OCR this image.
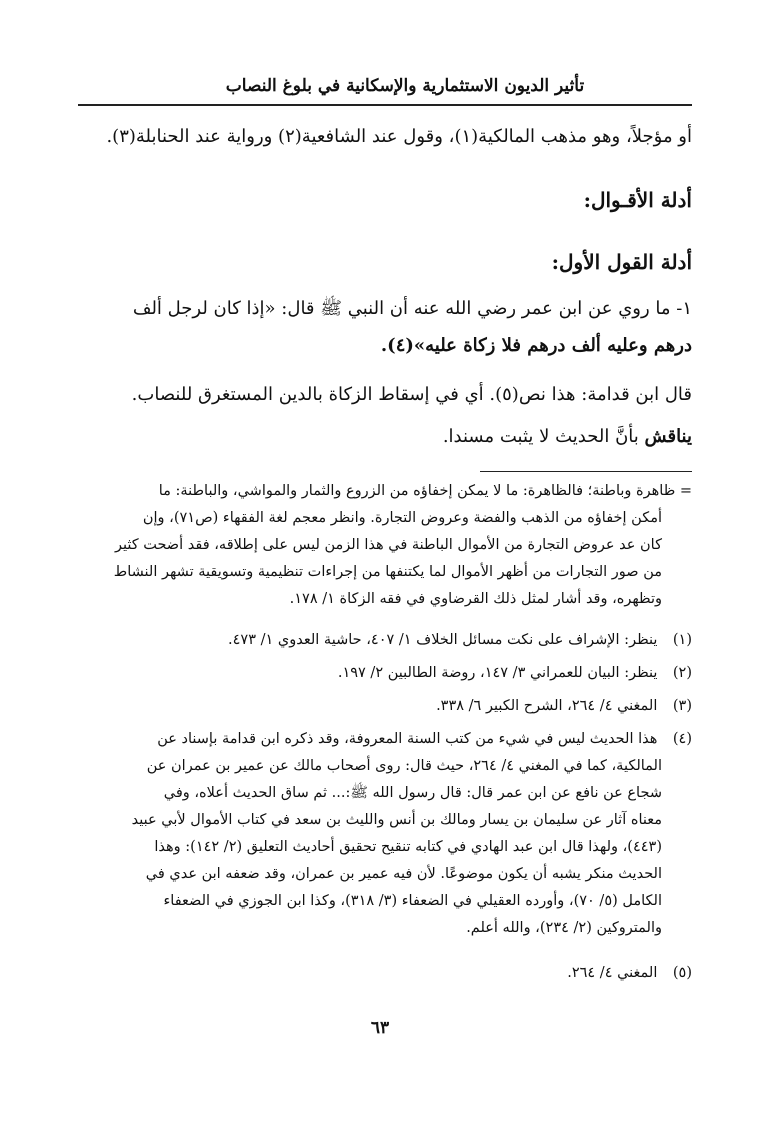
تأثير الديون الاستثمارية والإسكانية في بلوغ النصاب
أو مؤجلاً، وهو مذهب المالكية(١)، وقول عند الشافعية(٢) ورواية عند الحنابلة(٣).
أدلة الأقـوال:
أدلة القول الأول:
١- ما روي عن ابن عمر رضي الله عنه أن النبي ﷺ قال: «إذا كان لرجل ألف
درهم وعليه ألف درهم فلا زكاة عليه»(٤).
قال ابن قدامة: هذا نص(٥). أي في إسقاط الزكاة بالدين المستغرق للنصاب.
يناقش بأنَّ الحديث لا يثبت مسندا.
= ظاهرة وباطنة؛ فالظاهرة: ما لا يمكن إخفاؤه من الزروع والثمار والمواشي، والباطنة: ما
أمكن إخفاؤه من الذهب والفضة وعروض التجارة. وانظر معجم لغة الفقهاء (ص٧١)، وإن
كان عد عروض التجارة من الأموال الباطنة في هذا الزمن ليس على إطلاقه، فقد أضحت كثير
من صور التجارات من أظهر الأموال لما يكتنفها من إجراءات تنظيمية وتسويقية تشهر النشاط
وتظهره، وقد أشار لمثل ذلك القرضاوي في فقه الزكاة ١/ ١٧٨.
(١) ينظر: الإشراف على نكت مسائل الخلاف ١/ ٤٠٧، حاشية العدوي ١/ ٤٧٣.
(٢) ينظر: البيان للعمراني ٣/ ١٤٧، روضة الطالبين ٢/ ١٩٧.
(٣) المغني ٤/ ٢٦٤، الشرح الكبير ٦/ ٣٣٨.
(٤) هذا الحديث ليس في شيء من كتب السنة المعروفة، وقد ذكره ابن قدامة بإسناد عن
المالكية، كما في المغني ٤/ ٢٦٤، حيث قال: روى أصحاب مالك عن عمير بن عمران عن
شجاع عن نافع عن ابن عمر قال: قال رسول الله ﷺ:... ثم ساق الحديث أعلاه، وفي
معناه آثار عن سليمان بن يسار ومالك بن أنس والليث بن سعد في كتاب الأموال لأبي عبيد
(٤٤٣)، ولهذا قال ابن عبد الهادي في كتابه تنقيح تحقيق أحاديث التعليق (٢/ ١٤٢): وهذا
الحديث منكر يشبه أن يكون موضوعًا. لأن فيه عمير بن عمران، وقد ضعفه ابن عدي في
الكامل (٥/ ٧٠)، وأورده العقيلي في الضعفاء (٣/ ٣١٨)، وكذا ابن الجوزي في الضعفاء
والمتروكين (٢/ ٢٣٤)، والله أعلم.
(٥) المغني ٤/ ٢٦٤.
٦٣
